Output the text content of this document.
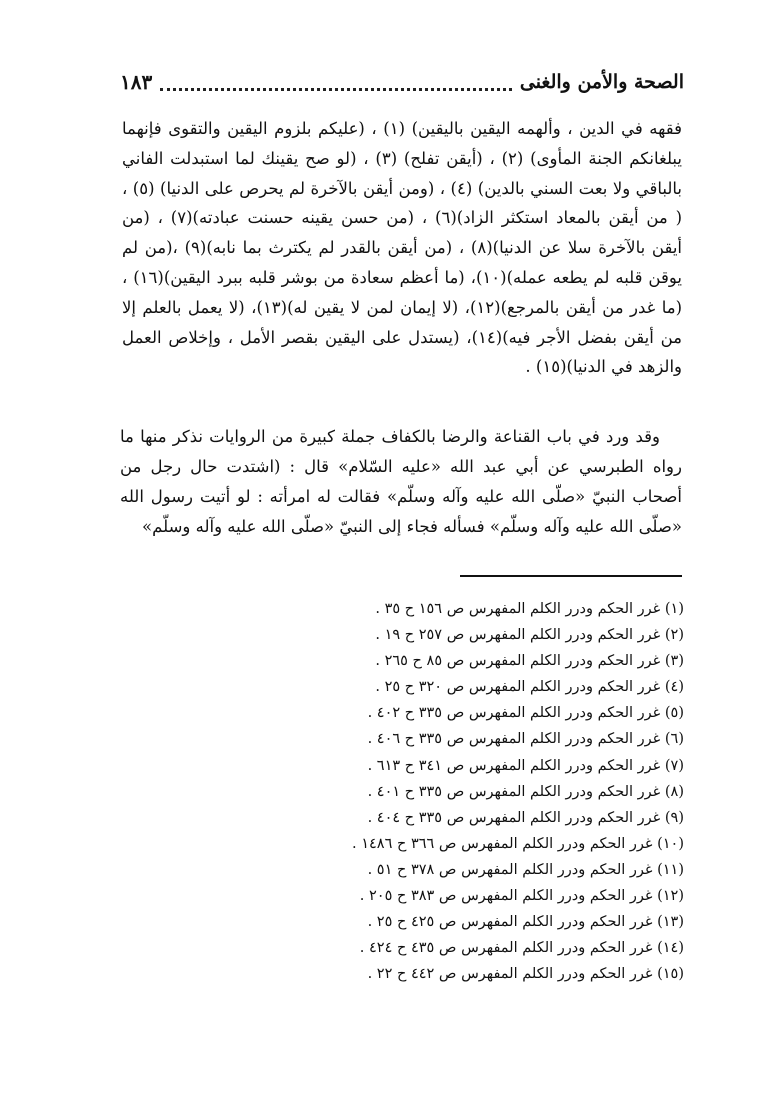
الصحة والأمن والغنى
١٨٣

فقهه في الدين ، وألهمه اليقين باليقين) (١) ، (عليكم بلزوم اليقين والتقوى فإنهما يبلغانكم الجنة المأوى) (٢) ، (أيقن تفلح) (٣) ، (لو صح يقينك لما استبدلت الفاني بالباقي ولا بعت السني بالدين) (٤) ، (ومن أيقن بالآخرة لم يحرص على الدنيا) (٥) ، ( من أيقن بالمعاد استكثر الزاد)(٦) ، (من حسن يقينه حسنت عبادته)(٧) ، (من أيقن بالآخرة سلا عن الدنيا)(٨) ، (من أيقن بالقدر لم يكترث بما نابه)(٩) ،(من لم يوقن قلبه لم يطعه عمله)(١٠)، (ما أعظم سعادة من بوشر قلبه ببرد اليقين)(١٦) ، (ما غدر من أيقن بالمرجع)(١٢)، (لا إيمان لمن لا يقين له)(١٣)، (لا يعمل بالعلم إلا من أيقن بفضل الأجر فيه)(١٤)، (يستدل على اليقين بقصر الأمل ، وإخلاص العمل والزهد في الدنيا)(١٥) .

وقد ورد في باب القناعة والرضا بالكفاف جملة كبيرة من الروايات نذكر منها ما رواه الطبرسي عن أبي عبد الله «عليه السّلام» قال : (اشتدت حال رجل من أصحاب النبيّ «صلّى الله عليه وآله وسلّم» فقالت له امرأته : لو أتيت رسول الله «صلّى الله عليه وآله وسلّم» فسأله فجاء إلى النبيّ «صلّى الله عليه وآله وسلّم»

(١) غرر الحكم ودرر الكلم المفهرس ص ١٥٦ ح ٣٥ .
(٢) غرر الحكم ودرر الكلم المفهرس ص ٢٥٧ ح ١٩ .
(٣) غرر الحكم ودرر الكلم المفهرس ص ٨٥ ح ٢٦٥ .
(٤) غرر الحكم ودرر الكلم المفهرس ص ٣٢٠ ح ٢٥ .
(٥) غرر الحكم ودرر الكلم المفهرس ص ٣٣٥ ح ٤٠٢ .
(٦) غرر الحكم ودرر الكلم المفهرس ص ٣٣٥ ح ٤٠٦ .
(٧) غرر الحكم ودرر الكلم المفهرس ص ٣٤١ ح ٦١٣ .
(٨) غرر الحكم ودرر الكلم المفهرس ص ٣٣٥ ح ٤٠١ .
(٩) غرر الحكم ودرر الكلم المفهرس ص ٣٣٥ ح ٤٠٤ .
(١٠) غرر الحكم ودرر الكلم المفهرس ص ٣٦٦ ح ١٤٨٦ .
(١١) غرر الحكم ودرر الكلم المفهرس ص ٣٧٨ ح ٥١ .
(١٢) غرر الحكم ودرر الكلم المفهرس ص ٣٨٣ ح ٢٠٥ .
(١٣) غرر الحكم ودرر الكلم المفهرس ص ٤٢٥ ح ٢٥ .
(١٤) غرر الحكم ودرر الكلم المفهرس ص ٤٣٥ ح ٤٢٤ .
(١٥) غرر الحكم ودرر الكلم المفهرس ص ٤٤٢ ح ٢٢ .
